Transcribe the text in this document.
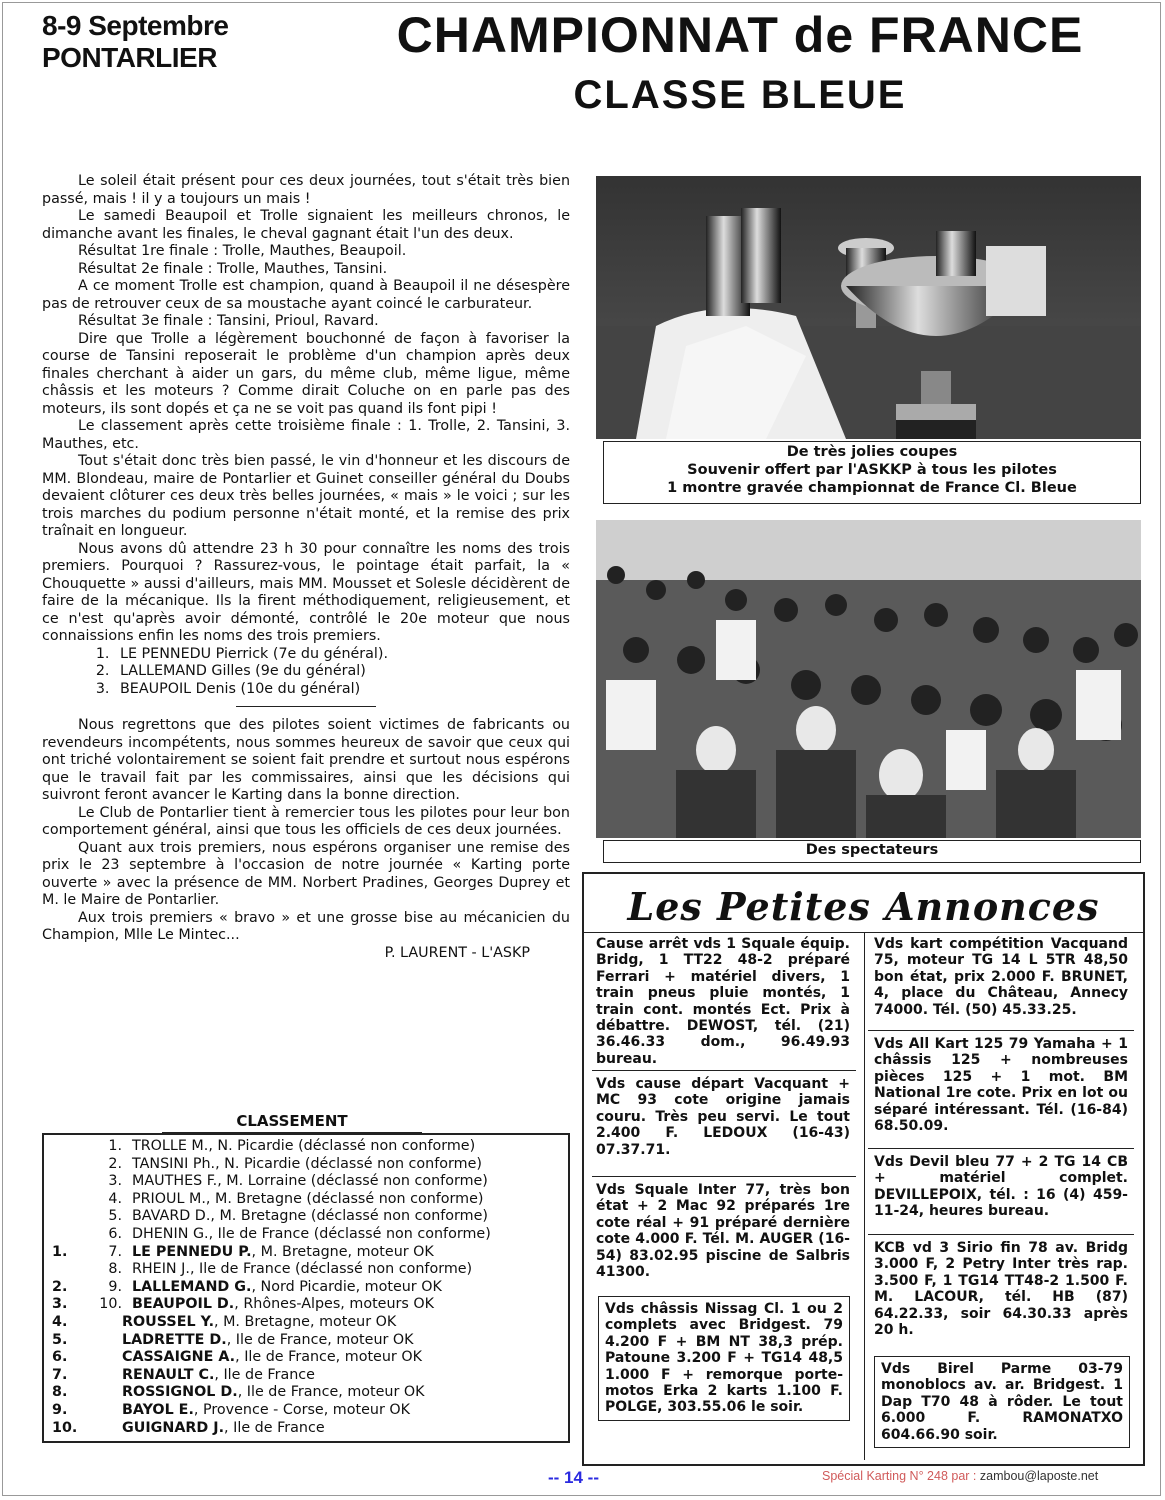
8-9 Septembre
PONTARLIER	CHAMPIONNAT de FRANCE
CLASSE BLEUE

Le soleil était présent pour ces deux journées, tout s'était très bien passé, mais ! il y a toujours un mais !

Le samedi Beaupoil et Trolle signaient les meilleurs chronos, le dimanche avant les finales, le cheval gagnant était l'un des deux.

Résultat 1re finale : Trolle, Mauthes, Beaupoil.

Résultat 2e finale : Trolle, Mauthes, Tansini.

A ce moment Trolle est champion, quand à Beaupoil il ne désespère pas de retrouver ceux de sa moustache ayant coincé le carburateur.

Résultat 3e finale : Tansini, Prioul, Ravard.

Dire que Trolle a légèrement bouchonné de façon à favoriser la course de Tansini reposerait le problème d'un champion après deux finales cherchant à aider un gars, du même club, même ligue, même châssis et les moteurs ? Comme dirait Coluche on en parle pas des moteurs, ils sont dopés et ça ne se voit pas quand ils font pipi !

Le classement après cette troisième finale : 1. Trolle, 2. Tansini, 3. Mauthes, etc.

Tout s'était donc très bien passé, le vin d'honneur et les discours de MM. Blondeau, maire de Pontarlier et Guinet conseiller général du Doubs devaient clôturer ces deux très belles journées, « mais » le voici ; sur les trois marches du podium personne n'était monté, et la remise des prix traînait en longueur.

Nous avons dû attendre 23 h 30 pour connaître les noms des trois premiers. Pourquoi ? Rassurez-vous, le pointage était parfait, la « Chouquette » aussi d'ailleurs, mais MM. Mousset et Solesle décidèrent de faire de la mécanique. Ils la firent méthodiquement, religieusement, et ce n'est qu'après avoir démonté, contrôlé le 20e moteur que nous connaissions enfin les noms des trois premiers.

1. LE PENNEDU Pierrick (7e du général).
2. LALLEMAND Gilles (9e du général)
3. BEAUPOIL Denis (10e du général)

Nous regrettons que des pilotes soient victimes de fabricants ou revendeurs incompétents, nous sommes heureux de savoir que ceux qui ont triché volontairement se soient fait prendre et surtout nous espérons que le travail fait par les commissaires, ainsi que les décisions qui suivront feront avancer le Karting dans la bonne direction.

Le Club de Pontarlier tient à remercier tous les pilotes pour leur bon comportement général, ainsi que tous les officiels de ces deux journées.

Quant aux trois premiers, nous espérons organiser une remise des prix le 23 septembre à l'occasion de notre journée « Karting porte ouverte » avec la présence de MM. Norbert Pradines, Georges Duprey et M. le Maire de Pontarlier.

Aux trois premiers « bravo » et une grosse bise au mécanicien du Champion, Mlle Le Mintec...

P. LAURENT - L'ASKP
CLASSEMENT
1. TROLLE M. , N. Picardie (déclassé non conforme)
2. TANSINI Ph. , N. Picardie (déclassé non conforme)
3. MAUTHES F. , M. Lorraine (déclassé non conforme)
4. PRIOUL M. , M. Bretagne (déclassé non conforme)
5. BAVARD D. , M. Bretagne (déclassé non conforme)
6. DHENIN G. , Ile de France (déclassé non conforme)
1.	7. LE PENNEDU P. , M. Bretagne, moteur OK
8. RHEIN J. , Ile de France (déclassé non conforme)
2.	9. LALLEMAND G. , Nord Picardie, moteur OK
3.	10. BEAUPOIL D. , Rhônes-Alpes, moteurs OK
4.	ROUSSEL Y. , M. Bretagne, moteur OK
5.	LADRETTE D. , Ile de France, moteur OK
6.	CASSAIGNE A. , Ile de France, moteur OK
7.	RENAULT C. , Ile de France
8.	ROSSIGNOL D. , Ile de France, moteur OK
9.	BAYOL E. , Provence - Corse, moteur OK
10.	GUIGNARD J. , Ile de France
De très jolies coupes
Souvenir offert par l'ASKKP à tous les pilotes
1 montre gravée championnat de France Cl. Bleue
Des spectateurs
Les Petites Annonces
Cause arrêt vds 1 Squale équip. Bridg, 1 TT22 48-2 préparé Ferrari + matériel divers, 1 train pneus pluie montés, 1 train cont. montés Ect. Prix à débattre. DEWOST, tél. (21) 36.46.33 dom., 96.49.93 bureau.
Vds cause départ Vacquant + MC 93 cote origine jamais couru. Très peu servi. Le tout 2.400 F. LEDOUX (16-43) 07.37.71.
Vds Squale Inter 77, très bon état + 2 Mac 92 préparés 1re cote réal + 91 préparé dernière cote 4.000 F. Tél. M. AUGER (16-54) 83.02.95 piscine de Salbris 41300.
Vds châssis Nissag Cl. 1 ou 2 complets avec Bridgest. 79 4.200 F + BM NT 38,3 prép. Patoune 3.200 F + TG14 48,5 1.000 F + remorque porte-motos Erka 2 karts 1.100 F. POLGE, 303.55.06 le soir.
Vds kart compétition Vacquand 75, moteur TG 14 L 5TR 48,50 bon état, prix 2.000 F. BRUNET, 4, place du Château, Annecy 74000. Tél. (50) 45.33.25.
Vds All Kart 125 79 Yamaha + 1 châssis 125 + nombreuses pièces 125 + 1 mot. BM National 1re cote. Prix en lot ou séparé intéressant. Tél. (16-84) 68.50.09.
Vds Devil bleu 77 + 2 TG 14 CB + matériel complet. DEVILLEPOIX, tél. : 16 (4) 459-11-24, heures bureau.
KCB vd 3 Sirio fin 78 av. Bridg 3.000 F, 2 Petry Inter très rap. 3.500 F, 1 TG14 TT48-2 1.500 F. M. LACOUR, tél. HB (87) 64.22.33, soir 64.30.33 après 20 h.
Vds Birel Parme 03-79 monoblocs av. ar. Bridgest. 1 Dap T70 48 à rôder. Le tout 6.000 F. RAMONATXO 604.66.90 soir.
-- 14 --	Spécial Karting N° 248 par : zambou@laposte.net
